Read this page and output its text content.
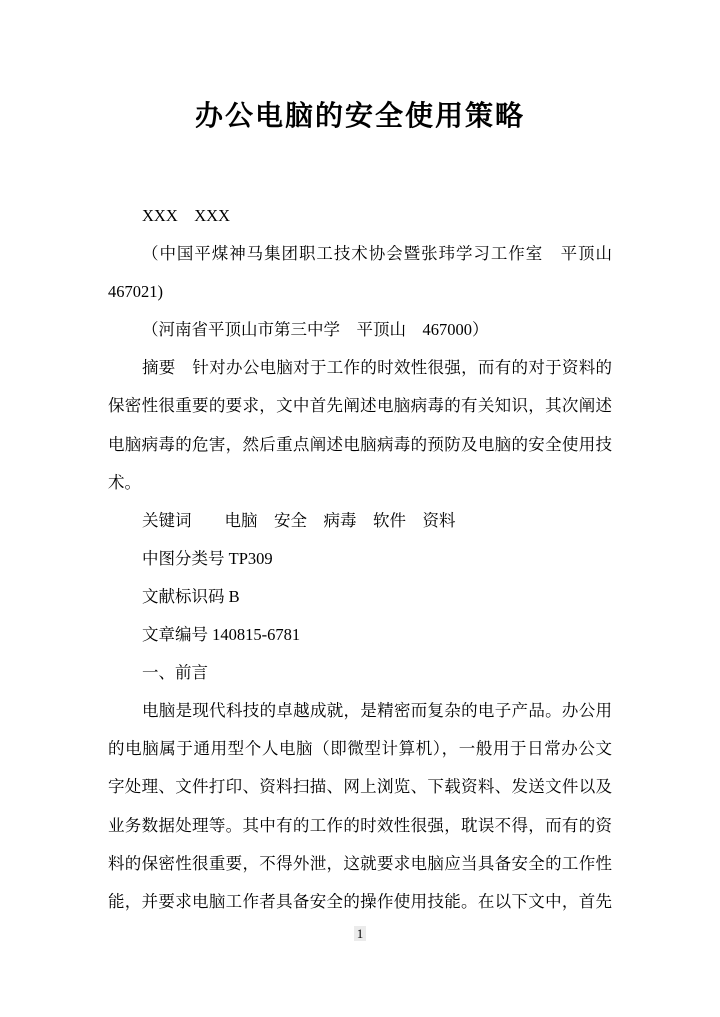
办公电脑的安全使用策略
XXX　XXX
（中国平煤神马集团职工技术协会暨张玮学习工作室　平顶山
467021)
（河南省平顶山市第三中学　平顶山　467000）
摘要　针对办公电脑对于工作的时效性很强，而有的对于资料的
保密性很重要的要求，文中首先阐述电脑病毒的有关知识，其次阐述
电脑病毒的危害，然后重点阐述电脑病毒的预防及电脑的安全使用技
术。
关键词　　电脑　安全　病毒　软件　资料
中图分类号 TP309
文献标识码 B
文章编号 140815-6781
一、前言
电脑是现代科技的卓越成就，是精密而复杂的电子产品。办公用
的电脑属于通用型个人电脑（即微型计算机），一般用于日常办公文
字处理、文件打印、资料扫描、网上浏览、下载资料、发送文件以及
业务数据处理等。其中有的工作的时效性很强，耽误不得，而有的资
料的保密性很重要，不得外泄，这就要求电脑应当具备安全的工作性
能，并要求电脑工作者具备安全的操作使用技能。在以下文中，首先
1
